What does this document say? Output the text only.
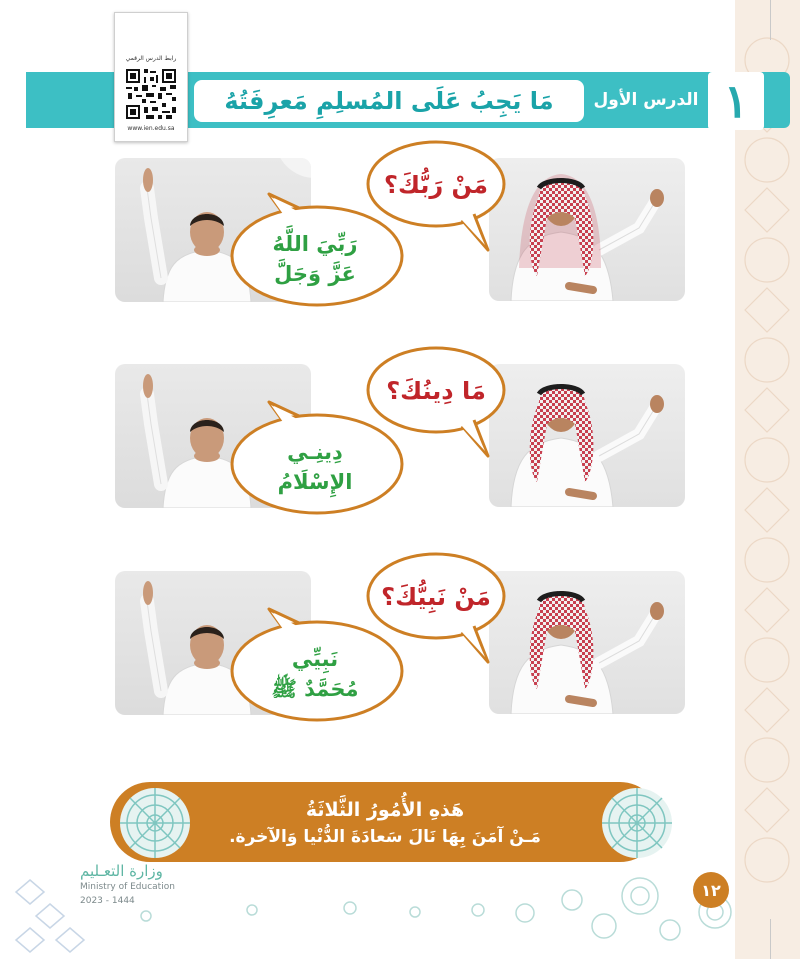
١
الدرس الأول
مَا يَجِبُ عَلَى المُسلِمِ مَعرِفَتُهُ
رابط الدرس الرقمي
www.ien.edu.sa
رَبِّيَ اللَّهُ
عَزَّ وَجَلَّ
مَنْ رَبُّكَ؟
دِينِـي
الإِسْلَامُ
مَا دِينُكَ؟
نَبِيِّي
مُحَمَّدٌ ﷺ
مَنْ نَبِيُّكَ؟
هَذهِ الأُمُورُ الثَّلاثَةُ
مَـنْ آمَنَ بِهَا نَالَ سَعادَةَ الدُّنْيا وَالآخرة.
١٢
وزارة التعـليم
Ministry of Education
2023 - 1444
